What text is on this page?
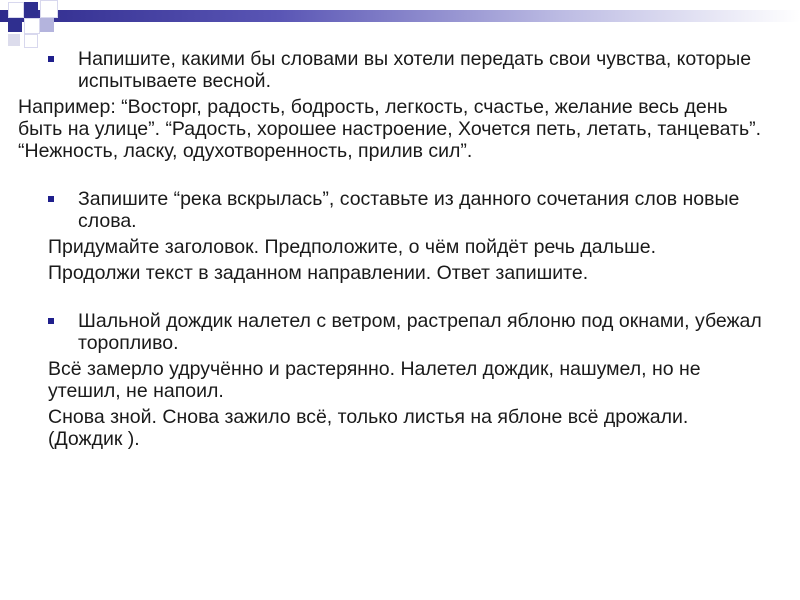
Напишите, какими бы словами вы хотели передать свои чувства, которые испытываете весной.

Например: “Восторг, радость, бодрость, легкость, счастье, желание весь день быть на улице”. “Радость, хорошее настроение, Хочется петь, летать, танцевать”. “Нежность, ласку, одухотворенность, прилив сил”.

Запишите “река вскрылась”, составьте из данного сочетания слов новые слова.

Придумайте заголовок. Предположите, о чём пойдёт речь дальше.

Продолжи текст в заданном направлении. Ответ запишите.

Шальной дождик налетел с ветром, растрепал яблоню под окнами, убежал торопливо.

Всё замерло удручённо и растерянно. Налетел дождик, нашумел, но не утешил, не напоил.

Снова зной. Снова зажило всё, только листья на яблоне всё дрожали. (Дождик ).
